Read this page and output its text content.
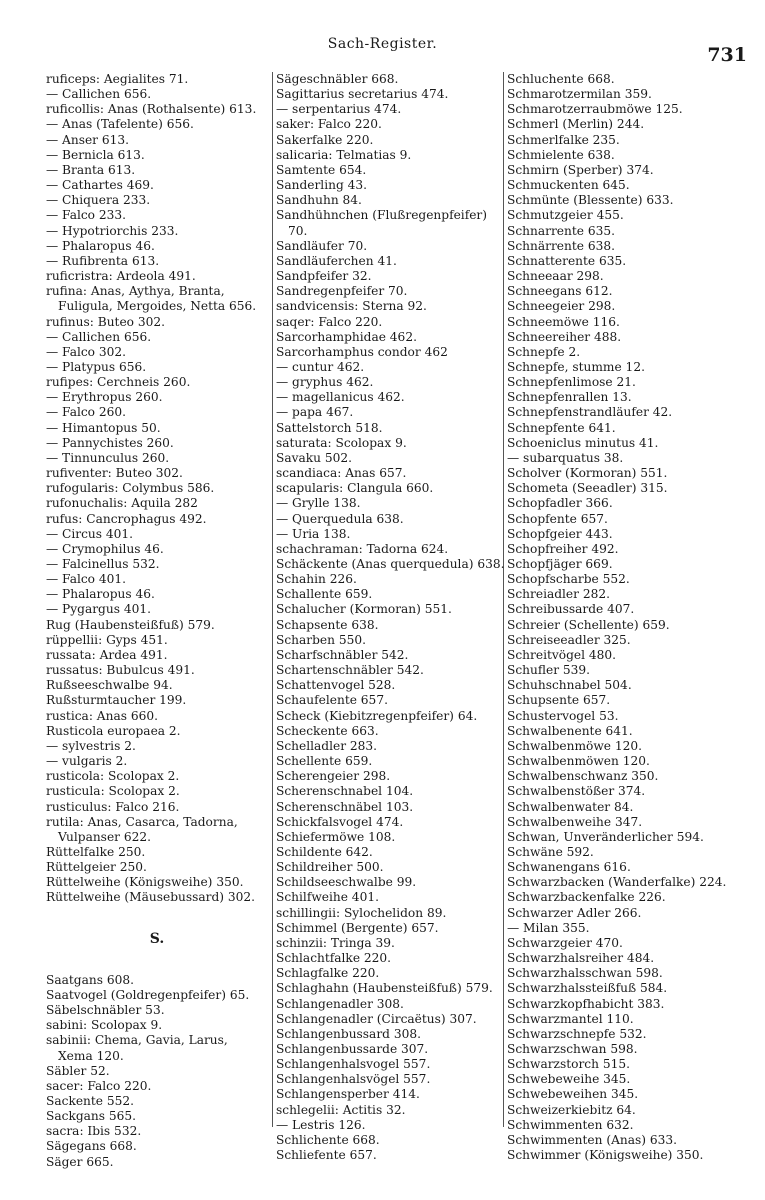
Sach-Register.	731
ruficeps: Aegialites 71.
— Callichen 656.
ruficollis: Anas (Rothalsente) 613.
— Anas (Tafelente) 656.
— Anser 613.
— Bernicla 613.
— Branta 613.
— Cathartes 469.
— Chiquera 233.
— Falco 233.
— Hypotriorchis 233.
— Phalaropus 46.
— Rufibrenta 613.
ruficristra: Ardeola 491.
rufina: Anas, Aythya, Branta,
Fuligula, Mergoides, Netta 656.
rufinus: Buteo 302.
— Callichen 656.
— Falco 302.
— Platypus 656.
rufipes: Cerchneis 260.
— Erythropus 260.
— Falco 260.
— Himantopus 50.
— Pannychistes 260.
— Tinnunculus 260.
rufiventer: Buteo 302.
rufogularis: Colymbus 586.
rufonuchalis: Aquila 282
rufus: Cancrophagus 492.
— Circus 401.
— Crymophilus 46.
— Falcinellus 532.
— Falco 401.
— Phalaropus 46.
— Pygargus 401.
Rug (Haubensteißfuß) 579.
rüppellii: Gyps 451.
russata: Ardea 491.
russatus: Bubulcus 491.
Rußseeschwalbe 94.
Rußsturmtaucher 199.
rustica: Anas 660.
Rusticola europaea 2.
— sylvestris 2.
— vulgaris 2.
rusticola: Scolopax 2.
rusticula: Scolopax 2.
rusticulus: Falco 216.
rutila: Anas, Casarca, Tadorna,
Vulpanser 622.
Rüttelfalke 250.
Rüttelgeier 250.
Rüttelweihe (Königsweihe) 350.
Rüttelweihe (Mäusebussard) 302.
S.
Saatgans 608.
Saatvogel (Goldregenpfeifer) 65.
Säbelschnäbler 53.
sabini: Scolopax 9.
sabinii: Chema, Gavia, Larus,
Xema 120.
Säbler 52.
sacer: Falco 220.
Sackente 552.
Sackgans 565.
sacra: Ibis 532.
Sägegans 668.
Säger 665.
Sägeschnäbler 668.
Sagittarius secretarius 474.
— serpentarius 474.
saker: Falco 220.
Sakerfalke 220.
salicaria: Telmatias 9.
Samtente 654.
Sanderling 43.
Sandhuhn 84.
Sandhühnchen (Flußregenpfeifer)
70.
Sandläufer 70.
Sandläuferchen 41.
Sandpfeifer 32.
Sandregenpfeifer 70.
sandvicensis: Sterna 92.
saqer: Falco 220.
Sarcorhamphidae 462.
Sarcorhamphus condor 462
— cuntur 462.
— gryphus 462.
— magellanicus 462.
— papa 467.
Sattelstorch 518.
saturata: Scolopax 9.
Savaku 502.
scandiaca: Anas 657.
scapularis: Clangula 660.
— Grylle 138.
— Querquedula 638.
— Uria 138.
schachraman: Tadorna 624.
Schäckente (Anas querquedula) 638.
Schahin 226.
Schallente 659.
Schalucher (Kormoran) 551.
Schapsente 638.
Scharben 550.
Scharfschnäbler 542.
Schartenschnäbler 542.
Schattenvogel 528.
Schaufelente 657.
Scheck (Kiebitzregenpfeifer) 64.
Scheckente 663.
Schelladler 283.
Schellente 659.
Scherengeier 298.
Scherenschnabel 104.
Scherenschnäbel 103.
Schickfalsvogel 474.
Schiefermöwe 108.
Schildente 642.
Schildreiher 500.
Schildseeschwalbe 99.
Schilfweihe 401.
schillingii: Sylochelidon 89.
Schimmel (Bergente) 657.
schinzii: Tringa 39.
Schlachtfalke 220.
Schlagfalke 220.
Schlaghahn (Haubensteißfuß) 579.
Schlangenadler 308.
Schlangenadler (Circaëtus) 307.
Schlangenbussard 308.
Schlangenbussarde 307.
Schlangenhalsvogel 557.
Schlangenhalsvögel 557.
Schlangensperber 414.
schlegelii: Actitis 32.
— Lestris 126.
Schlichente 668.
Schliefente 657.
Schluchente 668.
Schmarotzermilan 359.
Schmarotzerraubmöwe 125.
Schmerl (Merlin) 244.
Schmerlfalke 235.
Schmielente 638.
Schmirn (Sperber) 374.
Schmuckenten 645.
Schmünte (Blessente) 633.
Schmutzgeier 455.
Schnarrente 635.
Schnärrente 638.
Schnatterente 635.
Schneeaar 298.
Schneegans 612.
Schneegeier 298.
Schneemöwe 116.
Schneereiher 488.
Schnepfe 2.
Schnepfe, stumme 12.
Schnepfenlimose 21.
Schnepfenrallen 13.
Schnepfenstrandläufer 42.
Schnepfente 641.
Schoeniclus minutus 41.
— subarquatus 38.
Scholver (Kormoran) 551.
Schometa (Seeadler) 315.
Schopfadler 366.
Schopfente 657.
Schopfgeier 443.
Schopfreiher 492.
Schopfjäger 669.
Schopfscharbe 552.
Schreiadler 282.
Schreibussarde 407.
Schreier (Schellente) 659.
Schreiseeadler 325.
Schreitvögel 480.
Schufler 539.
Schuhschnabel 504.
Schupsente 657.
Schustervogel 53.
Schwalbenente 641.
Schwalbenmöwe 120.
Schwalbenmöwen 120.
Schwalbenschwanz 350.
Schwalbenstößer 374.
Schwalbenwater 84.
Schwalbenweihe 347.
Schwan, Unveränderlicher 594.
Schwäne 592.
Schwanengans 616.
Schwarzbacken (Wanderfalke) 224.
Schwarzbackenfalke 226.
Schwarzer Adler 266.
— Milan 355.
Schwarzgeier 470.
Schwarzhalsreiher 484.
Schwarzhalsschwan 598.
Schwarzhalssteißfuß 584.
Schwarzkopfhabicht 383.
Schwarzmantel 110.
Schwarzschnepfe 532.
Schwarzschwan 598.
Schwarzstorch 515.
Schwebeweihe 345.
Schwebeweihen 345.
Schweizerkiebitz 64.
Schwimmenten 632.
Schwimmenten (Anas) 633.
Schwimmer (Königsweihe) 350.
